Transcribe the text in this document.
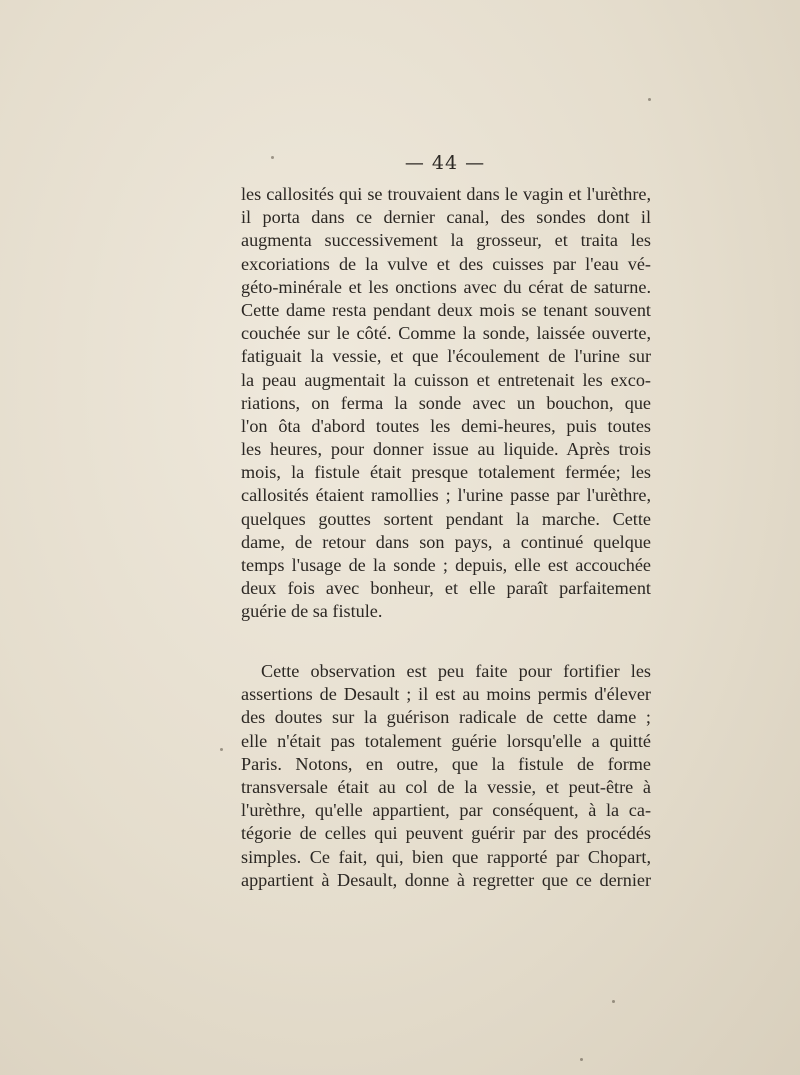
— 44 —
les callosités qui se trouvaient dans le vagin et l'urèthre,
il porta dans ce dernier canal, des sondes dont il
augmenta successivement la grosseur, et traita les
excoriations de la vulve et des cuisses par l'eau vé-
géto-minérale et les onctions avec du cérat de saturne.
Cette dame resta pendant deux mois se tenant souvent
couchée sur le côté. Comme la sonde, laissée ouverte,
fatiguait la vessie, et que l'écoulement de l'urine sur
la peau augmentait la cuisson et entretenait les exco-
riations, on ferma la sonde avec un bouchon, que
l'on ôta d'abord toutes les demi-heures, puis toutes
les heures, pour donner issue au liquide. Après trois
mois, la fistule était presque totalement fermée; les
callosités étaient ramollies ; l'urine passe par l'urèthre,
quelques gouttes sortent pendant la marche. Cette
dame, de retour dans son pays, a continué quelque
temps l'usage de la sonde ; depuis, elle est accouchée
deux fois avec bonheur, et elle paraît parfaitement
guérie de sa fistule.
Cette observation est peu faite pour fortifier les
assertions de Desault ; il est au moins permis d'élever
des doutes sur la guérison radicale de cette dame ;
elle n'était pas totalement guérie lorsqu'elle a quitté
Paris. Notons, en outre, que la fistule de forme
transversale était au col de la vessie, et peut-être à
l'urèthre, qu'elle appartient, par conséquent, à la ca-
tégorie de celles qui peuvent guérir par des procédés
simples. Ce fait, qui, bien que rapporté par Chopart,
appartient à Desault, donne à regretter que ce dernier
